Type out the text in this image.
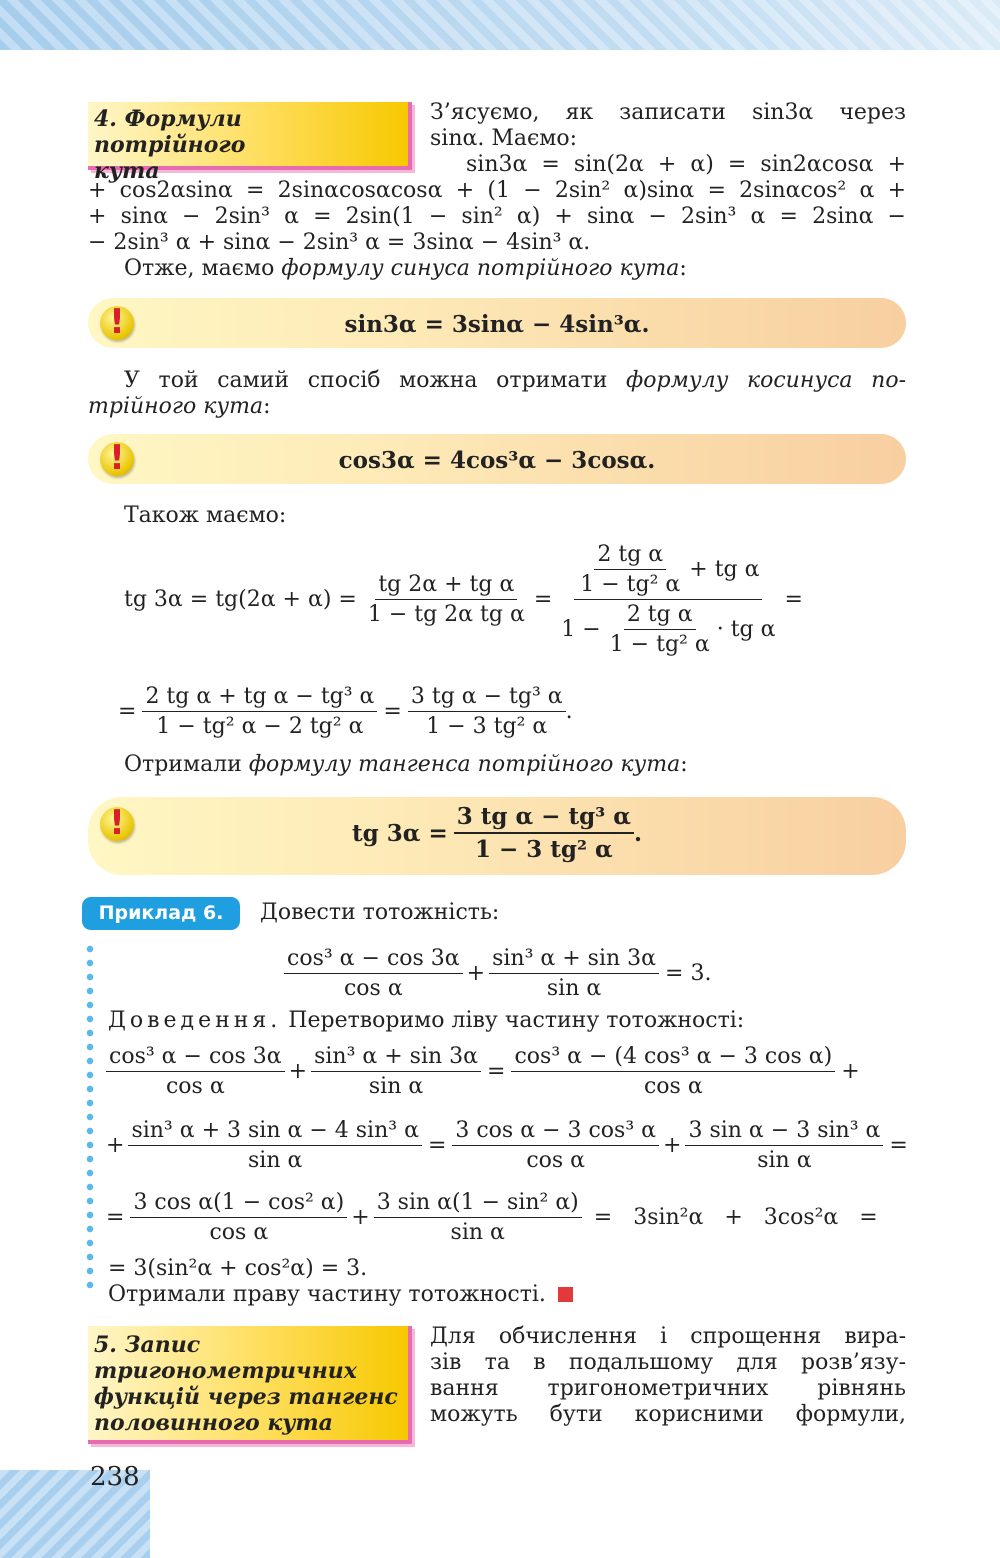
4. Формули потрійного
кута
З’ясуємо, як записати sin3α через
sinα. Маємо:
sin3α = sin(2α + α) = sin2αcosα +
+ cos2αsinα = 2sinαcosαcosα + (1 − 2sin² α)sinα = 2sinαcos² α +
+ sinα − 2sin³ α = 2sin(1 − sin² α) + sinα − 2sin³ α = 2sinα −
− 2sin³ α + sinα − 2sin³ α = 3sinα − 4sin³ α.
Отже, маємо формулу синуса потрійного кута:
!
sin3α = 3sinα − 4sin³α.
У той самий спосіб можна отримати формулу косинуса по-
трійного кута:
!
cos3α = 4cos³α − 3cosα.
Також маємо:
tg $3\alpha = tg(2\alpha + \alpha) = \frac{\text{tg 2α + tg α}}{\text{1 − tg 2α tg α}}$ =
$\frac{\text{2 tg α}}{\text{1 − tg² α}}$ + tg α
$1 - \frac{\text{2 tg α}}{\text{1 − tg² α}}$ · tg α
=
= $\frac{\text{2 tg α + tg α − tg³ α}}{\text{1 − tg² α − 2 tg² α}} = \frac{\text{3 tg α − tg³ α}}{\text{1 − 3 tg² α}}$ .
Отримали формулу тангенса потрійного кута:
!
tg $3\alpha = \frac{\text{3 tg α − tg³ α}}{\text{1 − 3 tg² α}}$ .
Приклад 6.	Довести тотожність:
$\frac{\text{cos³ α − cos 3α}}{\text{cos α}} + \frac{\text{sin³ α + sin 3α}}{\text{sin α}} = 3$.
Доведення. Перетворимо ліву частину тотожності:
$\frac{\text{cos³ α − cos 3α}}{\text{cos α}} + \frac{\text{sin³ α + sin 3α}}{\text{sin α}} = \frac{\text{cos³ α − (4 cos³ α − 3 cos α)}}{\text{cos α}}$ +
+ $\frac{\text{sin³ α + 3 sin α − 4 sin³ α}}{\text{sin α}} = \frac{\text{3 cos α − 3 cos³ α}}{\text{cos α}} + \frac{\text{3 sin α − 3 sin³ α}}{\text{sin α}}$ =
= $\frac{\text{3 cos α(1 − cos² α)}}{\text{cos α}} + \frac{\text{3 sin α(1 − sin² α)}}{\text{sin α}} = 3\sin^2\alpha + 3\cos^2\alpha$   =
= 3(sin²α + cos²α) = 3.
Отримали праву частину тотожності.
5. Запис
тригонометричних
функцій через тангенс
половинного кута
Для обчислення і спрощення вира-
зів та в подальшому для розв’язу-
вання тригонометричних рівнянь
можуть бути корисними формули,
238
